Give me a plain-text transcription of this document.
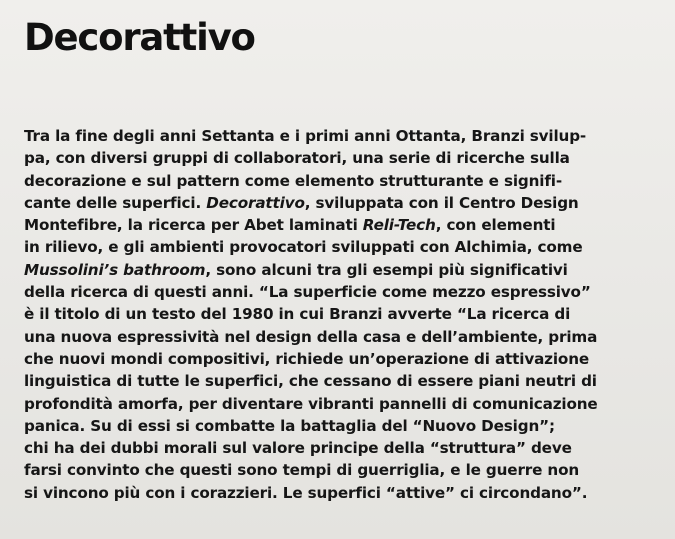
Decorattivo
Tra la fine degli anni Settanta e i primi anni Ottanta, Branzi svilup-
pa, con diversi gruppi di collaboratori, una serie di ricerche sulla
decorazione e sul pattern come elemento strutturante e signifi-
cante delle superfici. Decorattivo, sviluppata con il Centro Design
Montefibre, la ricerca per Abet laminati Reli-Tech, con elementi
in rilievo, e gli ambienti provocatori sviluppati con Alchimia, come
Mussolini’s bathroom, sono alcuni tra gli esempi più significativi
della ricerca di questi anni. “La superficie come mezzo espressivo”
è il titolo di un testo del 1980 in cui Branzi avverte “La ricerca di
una nuova espressività nel design della casa e dell’ambiente, prima
che nuovi mondi compositivi, richiede un’operazione di attivazione
linguistica di tutte le superfici, che cessano di essere piani neutri di
profondità amorfa, per diventare vibranti pannelli di comunicazione
panica. Su di essi si combatte la battaglia del “Nuovo Design”;
chi ha dei dubbi morali sul valore principe della “struttura” deve
farsi convinto che questi sono tempi di guerriglia, e le guerre non
si vincono più con i corazzieri. Le superfici “attive” ci circondano”.
